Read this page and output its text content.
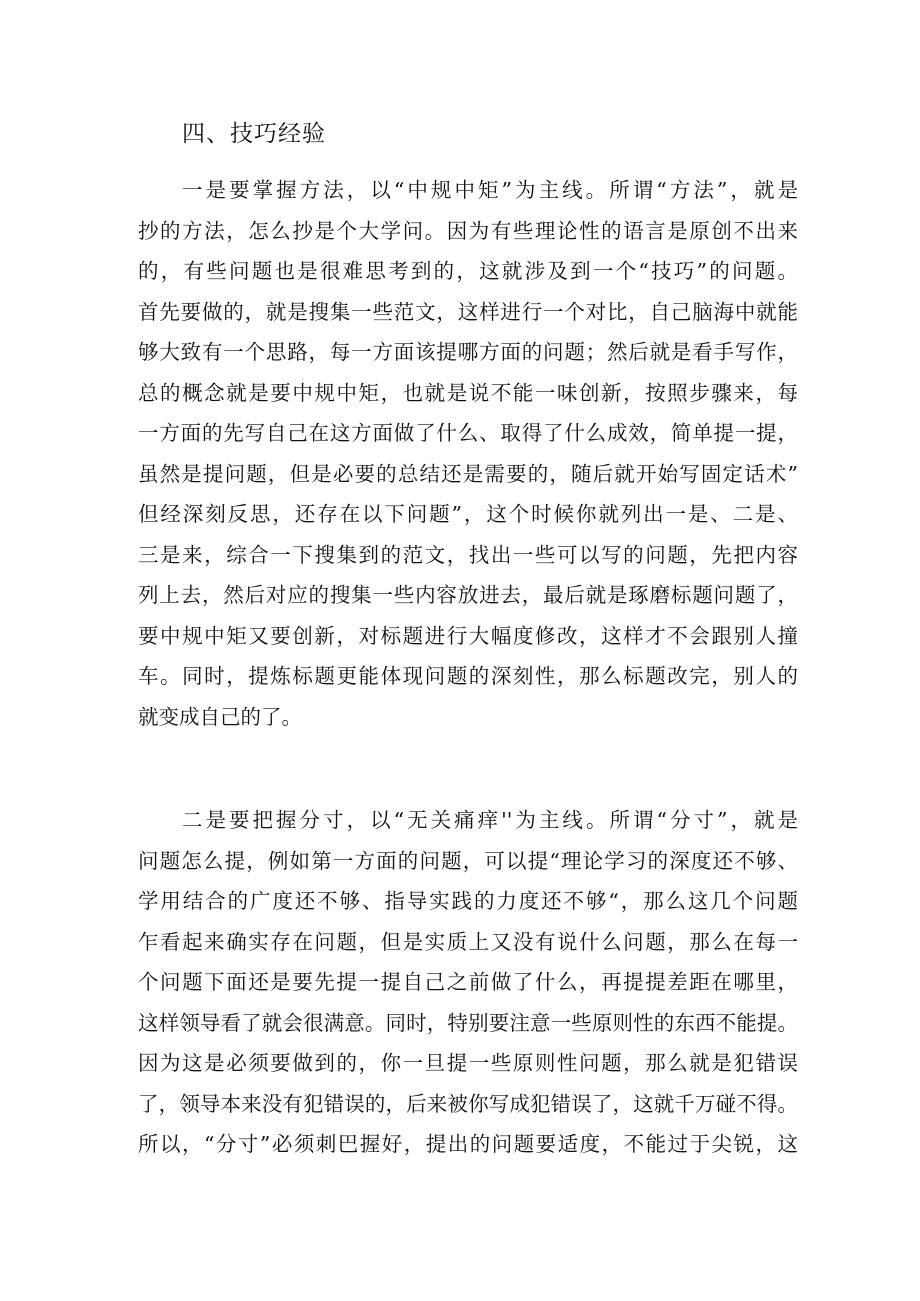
四、技巧经验
一是要掌握方法，以“中规中矩”为主线。所谓“方法”，就是
抄的方法，怎么抄是个大学问。因为有些理论性的语言是原创不出来
的，有些问题也是很难思考到的，这就涉及到一个“技巧”的问题。
首先要做的，就是搜集一些范文，这样进行一个对比，自己脑海中就能
够大致有一个思路，每一方面该提哪方面的问题；然后就是看手写作，
总的概念就是要中规中矩，也就是说不能一味创新，按照步骤来，每
一方面的先写自己在这方面做了什么、取得了什么成效，简单提一提，
虽然是提问题，但是必要的总结还是需要的，随后就开始写固定话术”
但经深刻反思，还存在以下问题”，这个时候你就列出一是、二是、
三是来，综合一下搜集到的范文，找出一些可以写的问题，先把内容
列上去，然后对应的搜集一些内容放进去，最后就是琢磨标题问题了，
要中规中矩又要创新，对标题进行大幅度修改，这样才不会跟别人撞
车。同时，提炼标题更能体现问题的深刻性，那么标题改完，别人的
就变成自己的了。
二是要把握分寸，以“无关痛痒''为主线。所谓“分寸”，就是
问题怎么提，例如第一方面的问题，可以提“理论学习的深度还不够、
学用结合的广度还不够、指导实践的力度还不够“，那么这几个问题
乍看起来确实存在问题，但是实质上又没有说什么问题，那么在每一
个问题下面还是要先提一提自己之前做了什么，再提提差距在哪里，
这样领导看了就会很满意。同时，特别要注意一些原则性的东西不能提。
因为这是必须要做到的，你一旦提一些原则性问题，那么就是犯错误
了，领导本来没有犯错误的，后来被你写成犯错误了，这就千万碰不得。
所以，“分寸”必须刺巴握好，提出的问题要适度，不能过于尖锐，这
